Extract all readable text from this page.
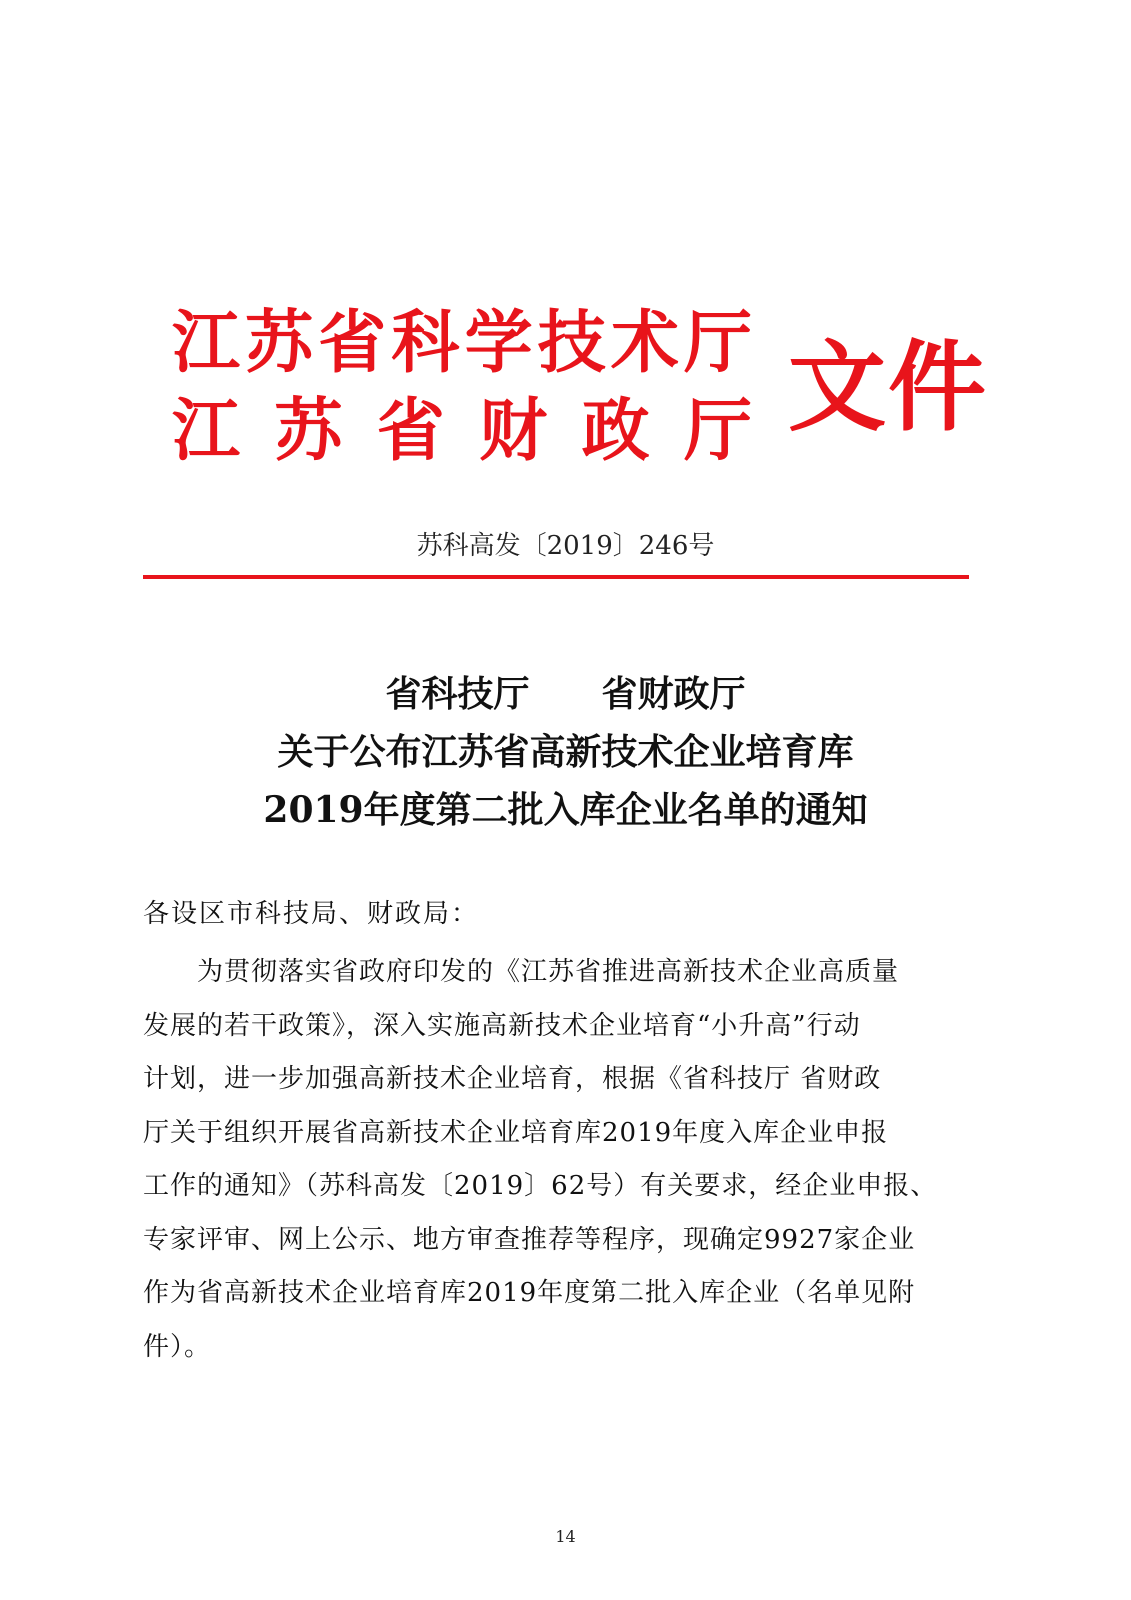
江 苏 省 科 学 技 术 厅
江 苏 省 财 政 厅 文件
苏科高发〔2019〕246号
省科技厅　　省财政厅
关于公布江苏省高新技术企业培育库
2019年度第二批入库企业名单的通知
各设区市科技局、财政局：
　　为贯彻落实省政府印发的《江苏省推进高新技术企业高质量
发展的若干政策》，深入实施高新技术企业培育“小升高”行动
计划，进一步加强高新技术企业培育，根据《省科技厅 省财政
厅关于组织开展省高新技术企业培育库2019年度入库企业申报
工作的通知》（苏科高发〔2019〕62号）有关要求，经企业申报、
专家评审、网上公示、地方审查推荐等程序，现确定9927家企业
作为省高新技术企业培育库2019年度第二批入库企业（名单见附
件）。
14
